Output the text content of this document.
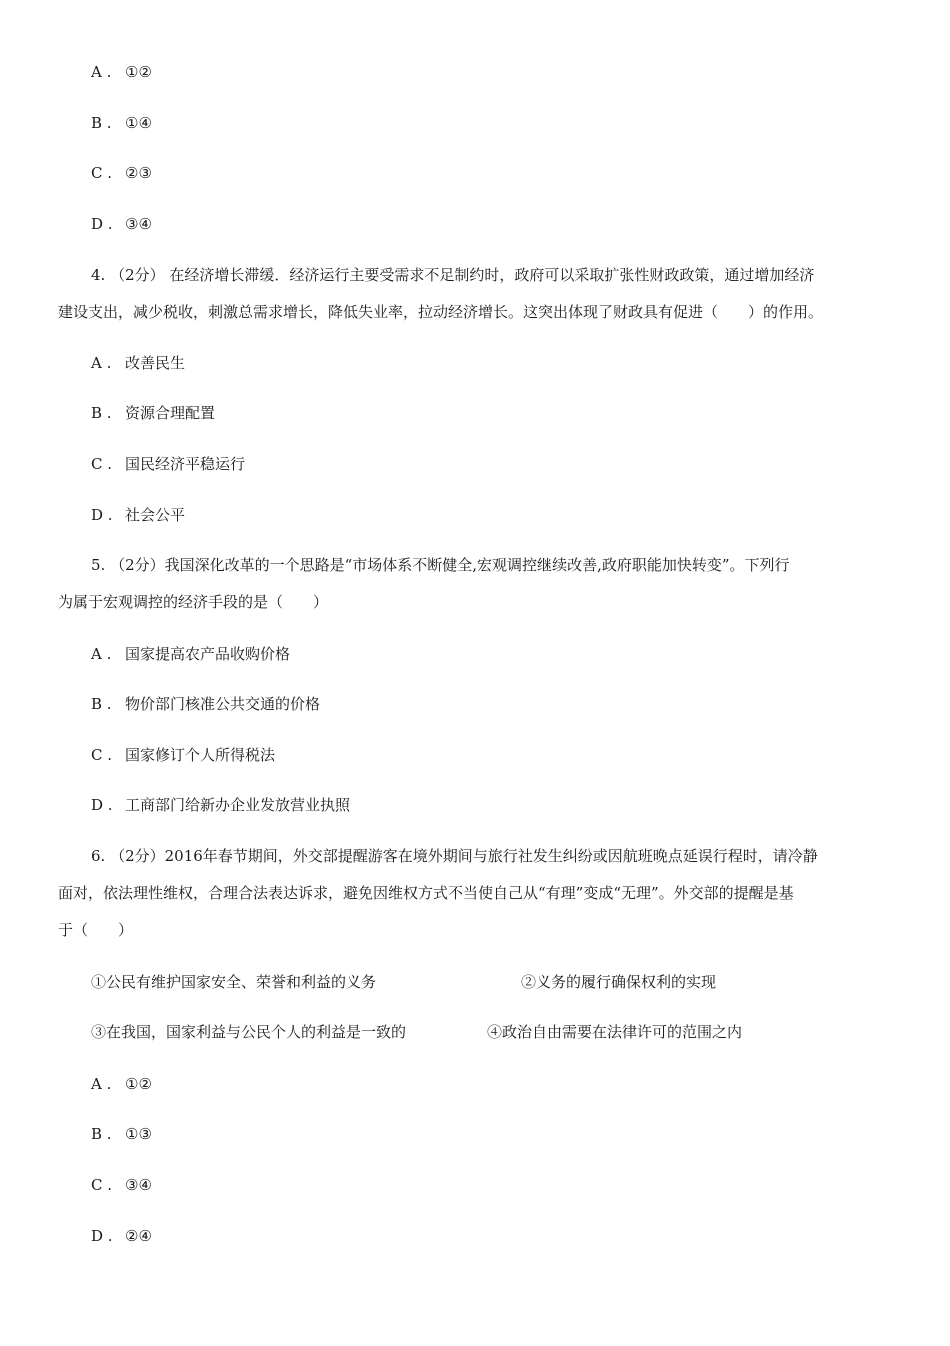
A . ①②
B . ①④
C . ②③
D . ③④
4. （2分） 在经济增长滞缓．经济运行主要受需求不足制约时，政府可以采取扩张性财政政策，通过增加经济
建设支出，减少税收，刺激总需求增长，降低失业率，拉动经济增长。这突出体现了财政具有促进（　　）的作用。
A . 改善民生
B . 资源合理配置
C . 国民经济平稳运行
D . 社会公平
5. （2分）我国深化改革的一个思路是“市场体系不断健全,宏观调控继续改善,政府职能加快转变”。下列行
为属于宏观调控的经济手段的是（　　）
A . 国家提高农产品收购价格
B . 物价部门核准公共交通的价格
C . 国家修订个人所得税法
D . 工商部门给新办企业发放营业执照
6. （2分）2016年春节期间，外交部提醒游客在境外期间与旅行社发生纠纷或因航班晚点延误行程时，请冷静
面对，依法理性维权，合理合法表达诉求，避免因维权方式不当使自己从“有理”变成“无理”。外交部的提醒是基
于（　　）
①公民有维护国家安全、荣誉和利益的义务	②义务的履行确保权利的实现
③在我国，国家利益与公民个人的利益是一致的	④政治自由需要在法律许可的范围之内
A . ①②
B . ①③
C . ③④
D . ②④
